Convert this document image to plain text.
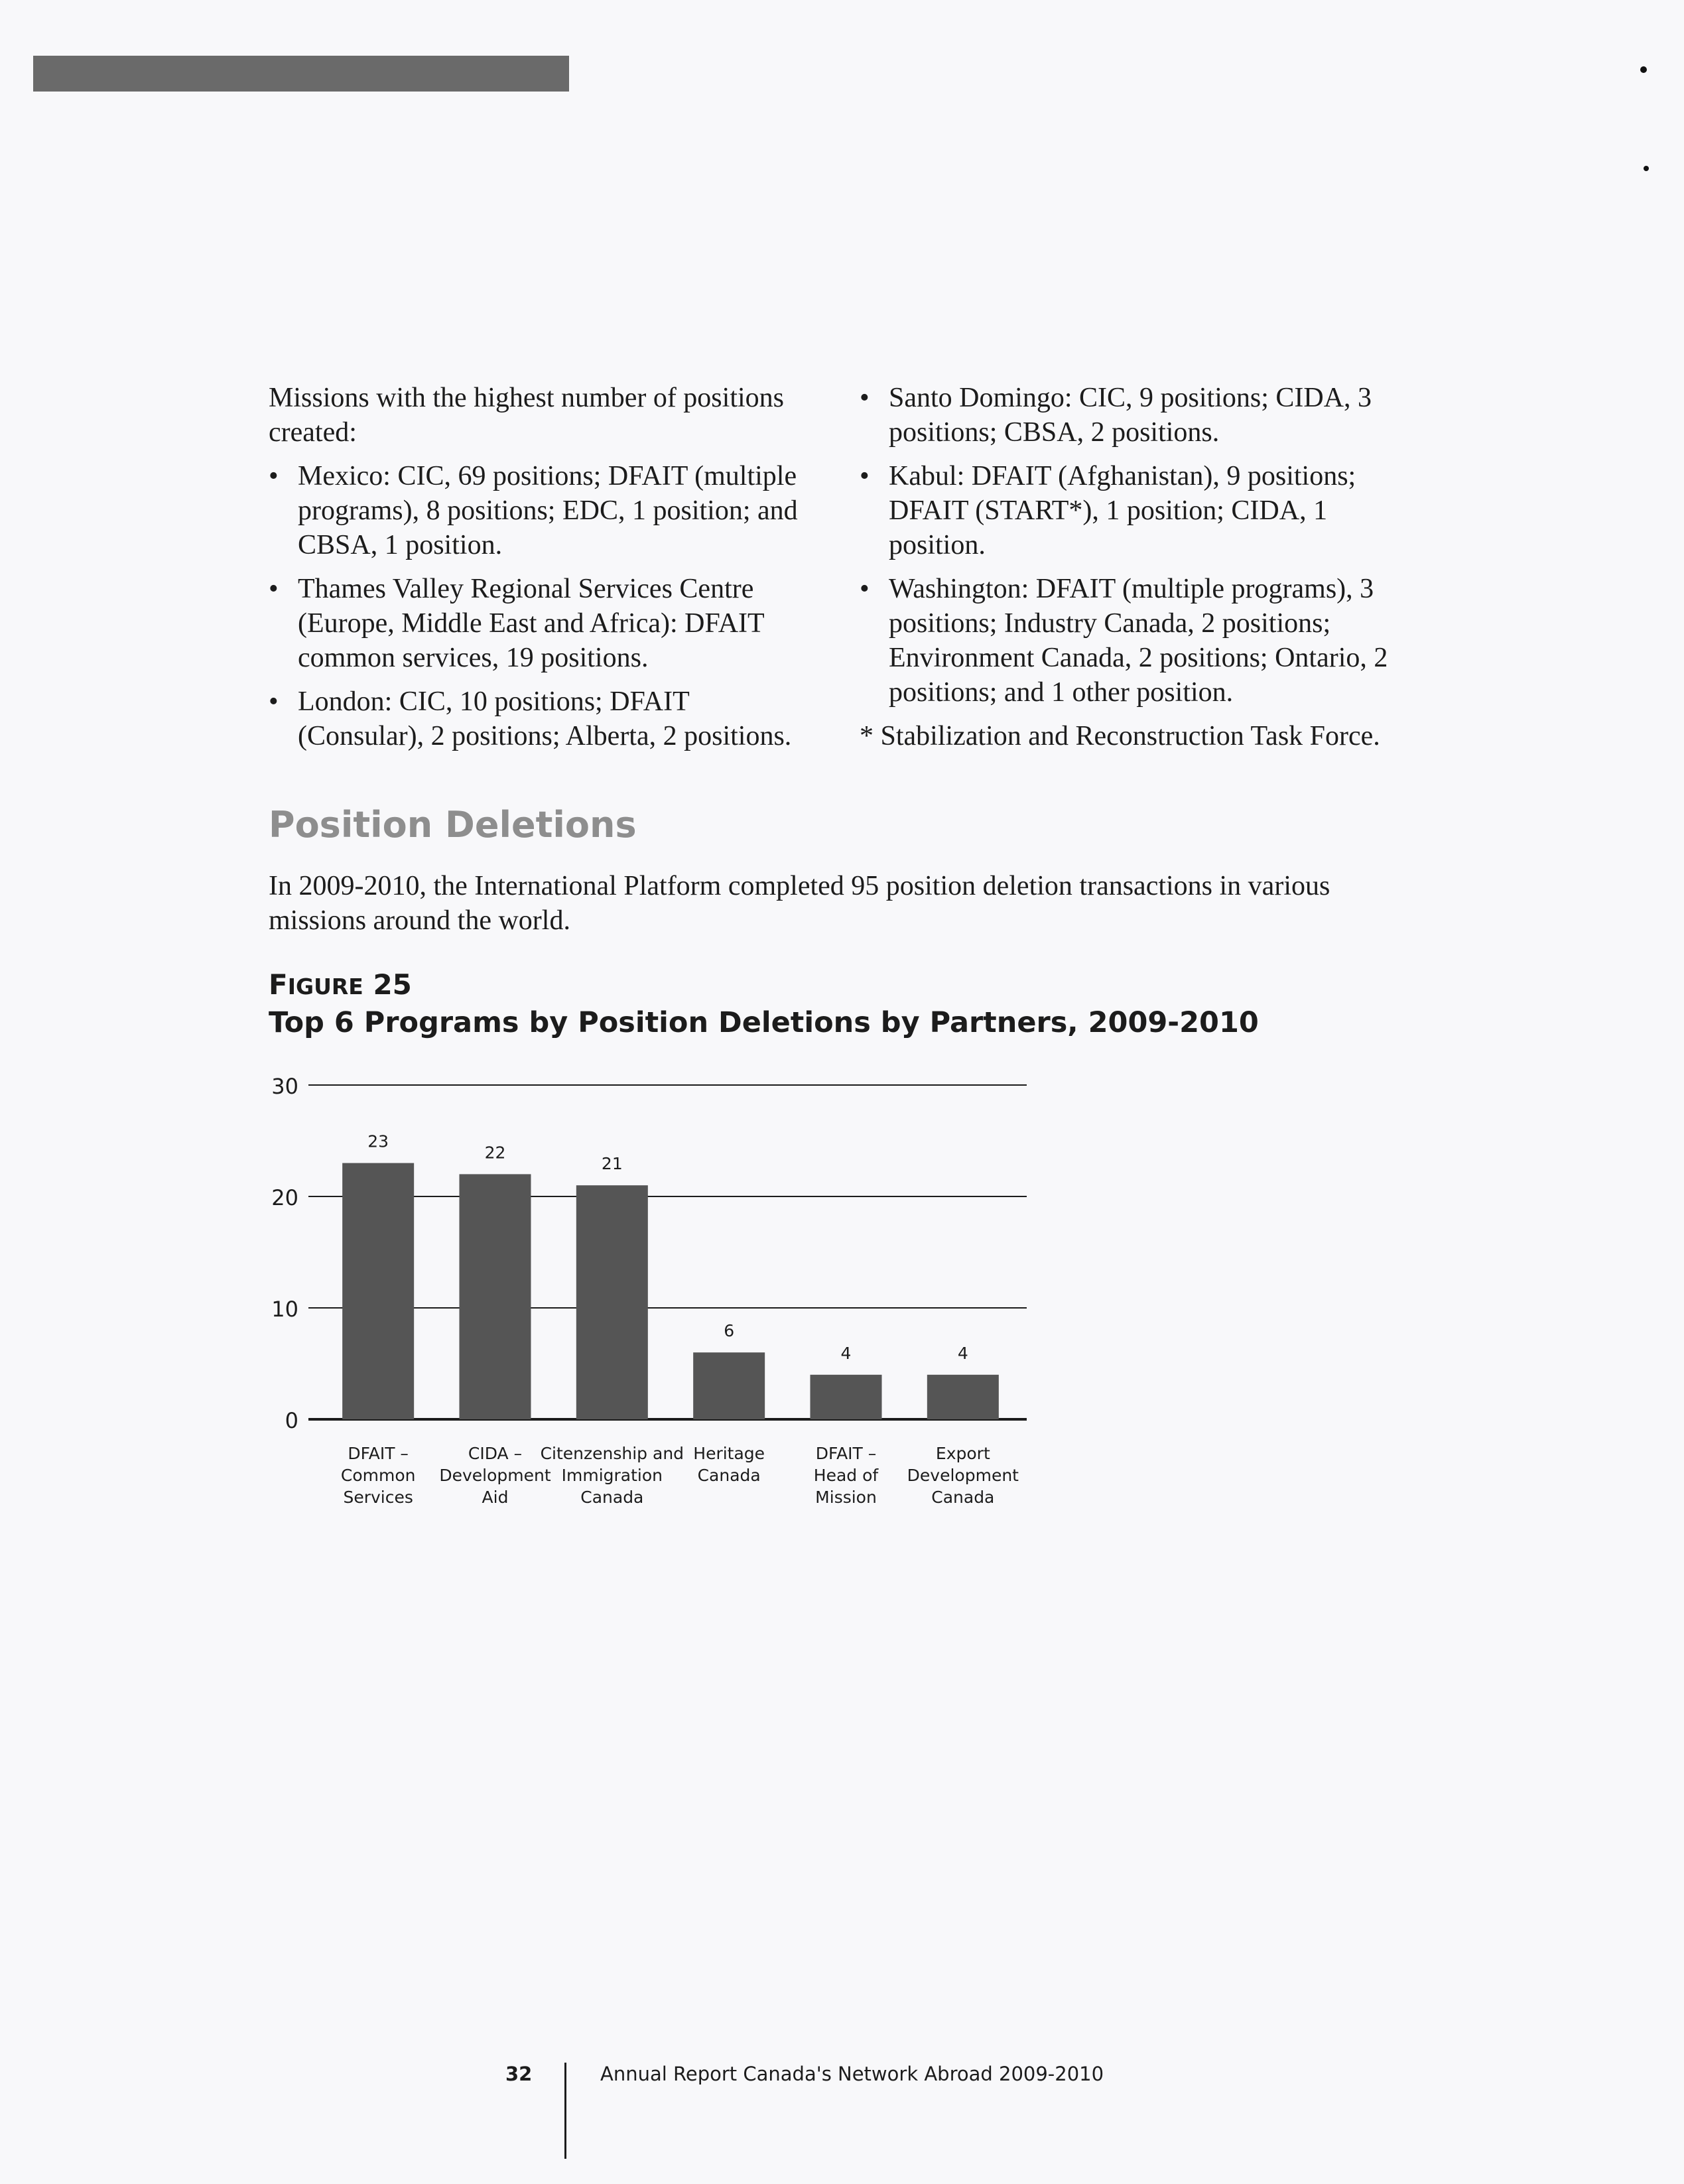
Missions with the highest number of positions created:

• Mexico: CIC, 69 positions; DFAIT (multiple programs), 8 positions; EDC, 1 position; and CBSA, 1 position.
• Thames Valley Regional Services Centre (Europe, Middle East and Africa): DFAIT common services, 19 positions.
• London: CIC, 10 positions; DFAIT (Consular), 2 positions; Alberta, 2 positions.
• Santo Domingo: CIC, 9 positions; CIDA, 3 positions; CBSA, 2 positions.
• Kabul: DFAIT (Afghanistan), 9 positions; DFAIT (START*), 1 position; CIDA, 1 position.
• Washington: DFAIT (multiple programs), 3 positions; Industry Canada, 2 positions; Environment Canada, 2 positions; Ontario, 2 positions; and 1 other position.

* Stabilization and Reconstruction Task Force.

Position Deletions

In 2009-2010, the International Platform completed 95 position deletion transactions in various missions around the world.

FIGURE 25
Top 6 Programs by Position Deletions by Partners, 2009-2010
0
10
20
30
23
22
21
6
4	4
DFAIT –
Common
Services
CIDA –
Development
Aid
Citenzenship and
Immigration
Canada
Heritage
Canada
DFAIT –
Head of
Mission
Export
Development
Canada
32	Annual Report Canada's Network Abroad 2009-2010
